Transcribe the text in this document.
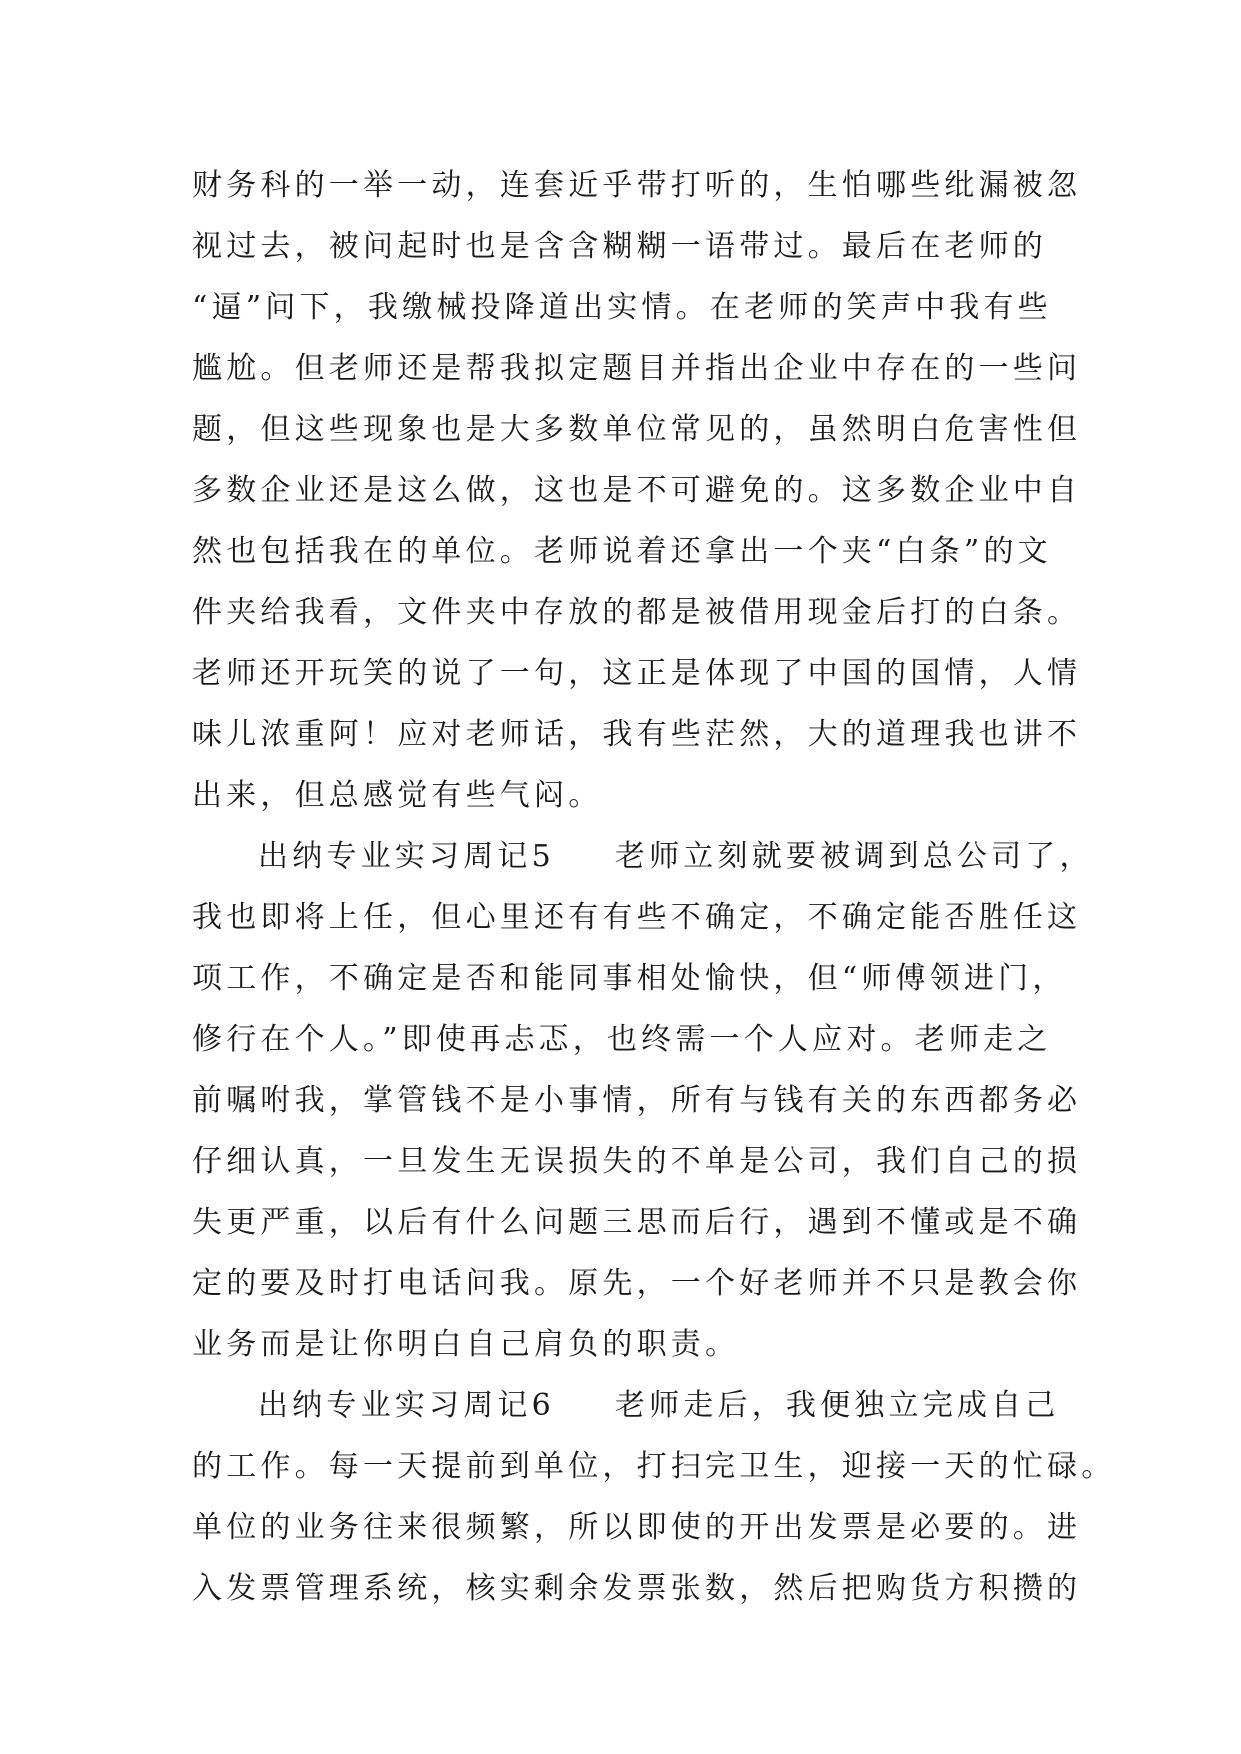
财务科的一举一动，连套近乎带打听的，生怕哪些纰漏被忽
视过去，被问起时也是含含糊糊一语带过。最后在老师的
“逼”问下，我缴械投降道出实情。在老师的笑声中我有些
尴尬。但老师还是帮我拟定题目并指出企业中存在的一些问
题，但这些现象也是大多数单位常见的，虽然明白危害性但
多数企业还是这么做，这也是不可避免的。这多数企业中自
然也包括我在的单位。老师说着还拿出一个夹“白条”的文
件夹给我看，文件夹中存放的都是被借用现金后打的白条。
老师还开玩笑的说了一句，这正是体现了中国的国情，人情
味儿浓重阿！应对老师话，我有些茫然，大的道理我也讲不
出来，但总感觉有些气闷。
出纳专业实习周记5 老师立刻就要被调到总公司了，
我也即将上任，但心里还有有些不确定，不确定能否胜任这
项工作，不确定是否和能同事相处愉快，但“师傅领进门，
修行在个人。”即使再忐忑，也终需一个人应对。老师走之
前嘱咐我，掌管钱不是小事情，所有与钱有关的东西都务必
仔细认真，一旦发生无误损失的不单是公司，我们自己的损
失更严重，以后有什么问题三思而后行，遇到不懂或是不确
定的要及时打电话问我。原先，一个好老师并不只是教会你
业务而是让你明白自己肩负的职责。
出纳专业实习周记6 老师走后，我便独立完成自己
的工作。每一天提前到单位，打扫完卫生，迎接一天的忙碌。
单位的业务往来很频繁，所以即使的开出发票是必要的。进
入发票管理系统，核实剩余发票张数，然后把购货方积攒的
